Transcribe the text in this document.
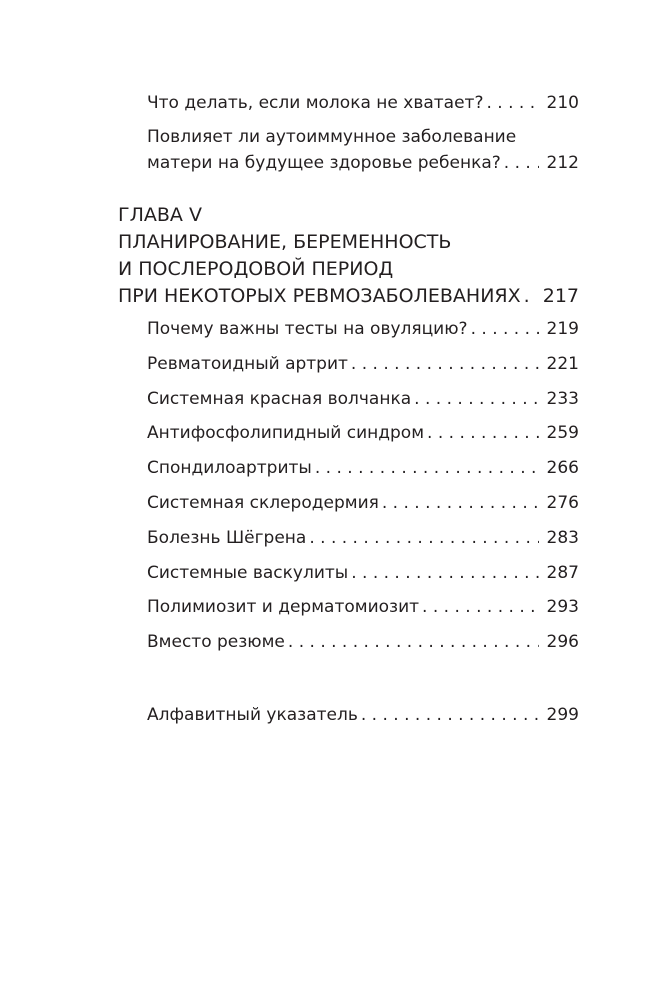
Что делать, если молока не хватает? . . .	210
Повлияет ли аутоиммунное заболевание
матери на будущее здоровье ребенка? . . .	212
ГЛАВА V
ПЛАНИРОВАНИЕ, БЕРЕМЕННОСТЬ
И ПОСЛЕРОДОВОЙ ПЕРИОД
ПРИ НЕКОТОРЫХ РЕВМОЗАБОЛЕВАНИЯХ . . .	217
Почему важны тесты на овуляцию? . . .	219
Ревматоидный артрит . . .	221
Системная красная волчанка . . .	233
Антифосфолипидный синдром . . .	259
Спондилоартриты . . .	266
Системная склеродермия . . .	276
Болезнь Шёгрена . . .	283
Системные васкулиты . . .	287
Полимиозит и дерматомиозит . . .	293
Вместо резюме . . .	296
Алфавитный указатель . . .	299
